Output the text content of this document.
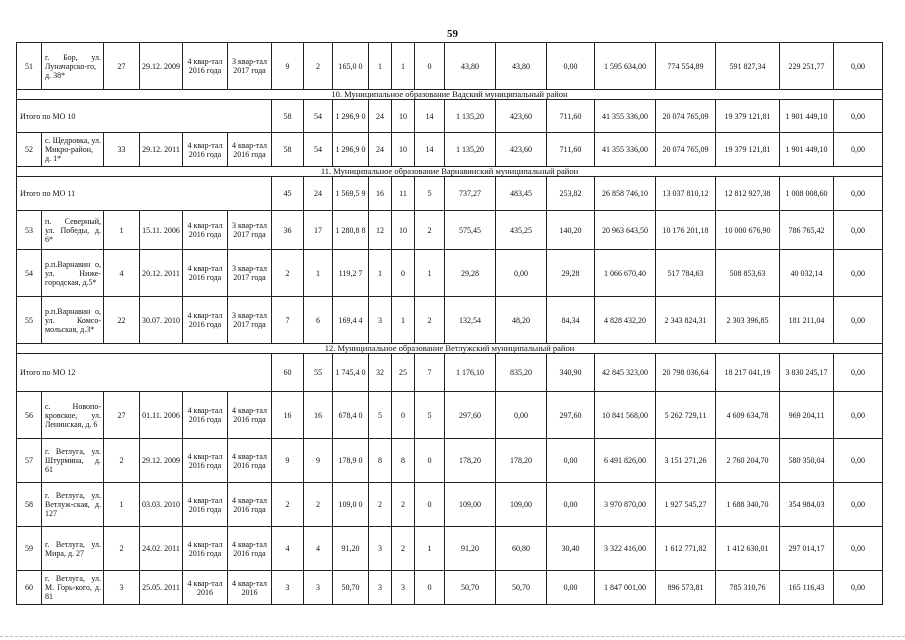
59
51	г. Бор, ул. Луначарско-го, д. 38*	27	29.12. 2009	4 квар-тал 2016 года	3 квар-тал 2017 года	9	2	165,0 0	1	1	0	43,80	43,80	0,00	1 595 634,00	774 554,89	591 827,34	229 251,77	0,00
10. Муниципальное образование Вадский муниципальный район																			
Итого по МО 10						58	54	1 296,9 0	24	10	14	1 135,20	423,60	711,60	41 355 336,00	20 074 765,09	19 379 121,81	1 901 449,10	0,00
52	с. Щедровка, ул. Микро-район, д. 1*	33	29.12. 2011	4 квар-тал 2016 года	4 квар-тал 2016 года	58	54	1 296,9 0	24	10	14	1 135,20	423,60	711,60	41 355 336,00	20 074 765,09	19 379 121,81	1 901 449,10	0,00
11. Муниципальное образование Варнавинский муниципальный район																			
Итого по МО 11						45	24	1 569,5 9	16	11	5	737,27	483,45	253,82	26 858 746,10	13 037 810,12	12 812 927,38	1 008 008,60	0,00
53	п. Северный, ул. Победы, д. 6*	1	15.11. 2006	4 квар-тал 2016 года	3 квар-тал 2017 года	36	17	1 280,8 8	12	10	2	575,45	435,25	140,20	20 963 643,50	10 176 201,18	10 000 676,90	786 765,42	0,00
54	р.п.Варнавин о, ул. Ниже-городская, д.5*	4	20.12. 2011	4 квар-тал 2016 года	3 квар-тал 2017 года	2	1	119,2 7	1	0	1	29,28	0,00	29,28	1 066 670,40	517 784,63	508 853,63	40 032,14	0,00
55	р.п.Варнавин о, ул. Комсо-мольская, д.3*	22	30.07. 2010	4 квар-тал 2016 года	3 квар-тал 2017 года	7	6	169,4 4	3	1	2	132,54	48,20	84,34	4 828 432,20	2 343 824,31	2 303 396,85	181 211,04	0,00
12. Муниципальное образование Ветлужский муниципальный район																			
Итого по МО 12						60	55	1 745,4 0	32	25	7	1 176,10	835,20	340,90	42 845 323,00	20 798 036,64	18 217 041,19	3 830 245,17	0,00
56	с. Новопо-кровское, ул. Ленинская, д. 6	27	01.11. 2006	4 квар-тал 2016 года	4 квар-тал 2016 года	16	16	678,4 0	5	0	5	297,60	0,00	297,60	10 841 568,00	5 262 729,11	4 609 634,78	969 204,11	0,00
57	г. Ветлуга, ул. Штурмина, д. 61	2	29.12. 2009	4 квар-тал 2016 года	4 квар-тал 2016 года	9	9	178,9 0	8	8	0	178,20	178,20	0,00	6 491 826,00	3 151 271,26	2 760 204,70	580 350,04	0,00
58	г. Ветлуга, ул. Ветлуж-ская, д. 127	1	03.03. 2010	4 квар-тал 2016 года	4 квар-тал 2016 года	2	2	109,0 0	2	2	0	109,00	109,00	0,00	3 970 870,00	1 927 545,27	1 688 340,70	354 984,03	0,00
59	г. Ветлуга, ул. Мира, д. 27	2	24.02. 2011	4 квар-тал 2016 года	4 квар-тал 2016 года	4	4	91,20	3	2	1	91,20	60,80	30,40	3 322 416,00	1 612 771,82	1 412 630,01	297 014,17	0,00
60	г. Ветлуга, ул. М. Горь-кого, д. 81	3	25.05. 2011	4 квар-тал 2016	4 квар-тал 2016	3	3	50,70	3	3	0	50,70	50,70	0,00	1 847 001,00	896 573,81	785 310,76	165 116,43	0,00
